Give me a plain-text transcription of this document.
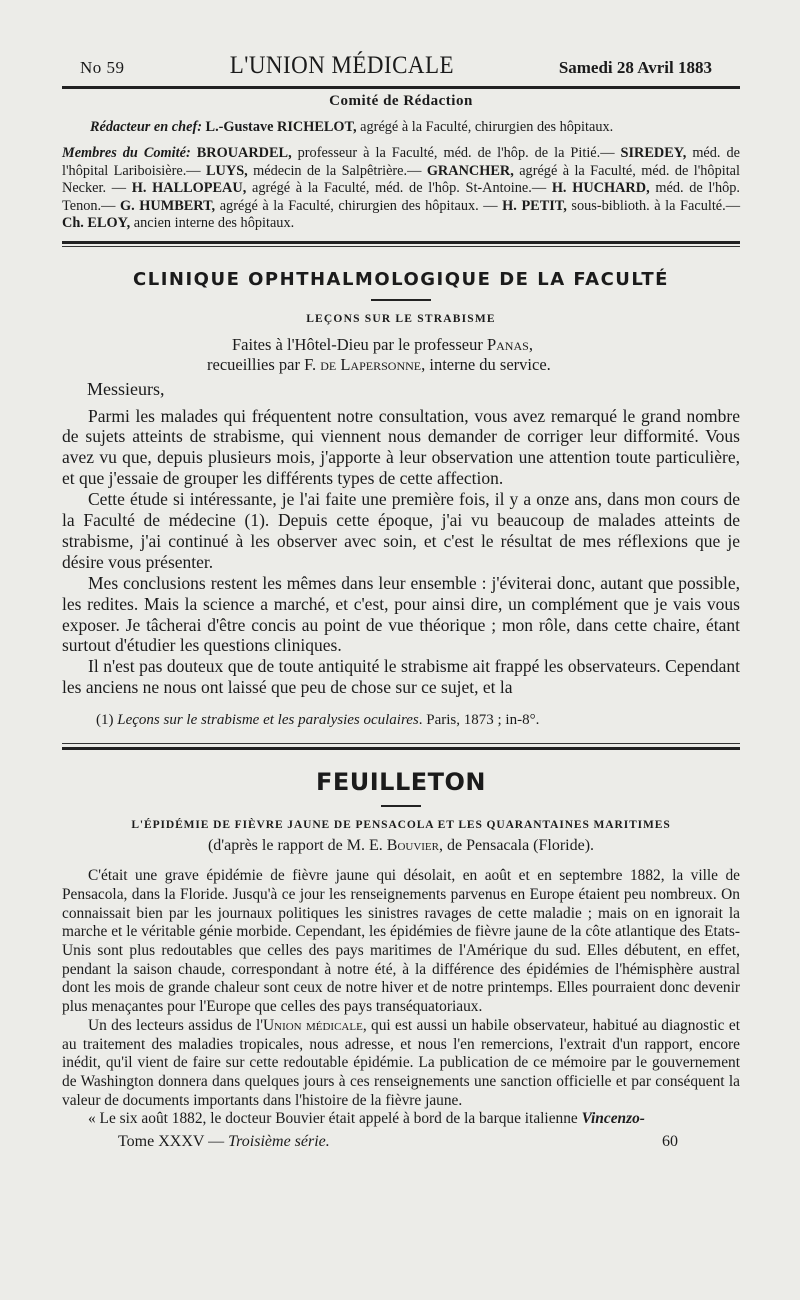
No 59	L'UNION MÉDICALE	Samedi 28 Avril 1883
Comité de Rédaction

Rédacteur en chef: L.-Gustave RICHELOT, agrégé à la Faculté, chirurgien des hôpitaux.

Membres du Comité: BROUARDEL, professeur à la Faculté, méd. de l'hôp. de la Pitié.— SIREDEY, méd. de l'hôpital Lariboisière.— LUYS, médecin de la Salpêtrière.— GRANCHER, agrégé à la Faculté, méd. de l'hôpital Necker. — H. HALLOPEAU, agrégé à la Faculté, méd. de l'hôp. St-Antoine.— H. HUCHARD, méd. de l'hôp. Tenon.— G. HUMBERT, agrégé à la Faculté, chirurgien des hôpitaux. — H. PETIT, sous-biblioth. à la Faculté.— Ch. ELOY, ancien interne des hôpitaux.

CLINIQUE OPHTHALMOLOGIQUE DE LA FACULTÉ
LEÇONS SUR LE STRABISME
Faites à l'Hôtel-Dieu par le professeur Panas,
recueillies par F. de Lapersonne, interne du service.
Messieurs,

Parmi les malades qui fréquentent notre consultation, vous avez remarqué le grand nombre de sujets atteints de strabisme, qui viennent nous demander de corriger leur difformité. Vous avez vu que, depuis plusieurs mois, j'apporte à leur observation une attention toute particulière, et que j'essaie de grouper les différents types de cette affection.

Cette étude si intéressante, je l'ai faite une première fois, il y a onze ans, dans mon cours de la Faculté de médecine (1). Depuis cette époque, j'ai vu beaucoup de malades atteints de strabisme, j'ai continué à les observer avec soin, et c'est le résultat de mes réflexions que je désire vous présenter.

Mes conclusions restent les mêmes dans leur ensemble : j'éviterai donc, autant que possible, les redites. Mais la science a marché, et c'est, pour ainsi dire, un complément que je vais vous exposer. Je tâcherai d'être concis au point de vue théorique ; mon rôle, dans cette chaire, étant surtout d'étudier les questions cliniques.

Il n'est pas douteux que de toute antiquité le strabisme ait frappé les observateurs. Cependant les anciens ne nous ont laissé que peu de chose sur ce sujet, et la

(1) Leçons sur le strabisme et les paralysies oculaires. Paris, 1873 ; in-8°.
FEUILLETON
L'ÉPIDÉMIE DE FIÈVRE JAUNE DE PENSACOLA ET LES QUARANTAINES MARITIMES
(d'après le rapport de M. E. Bouvier, de Pensacala (Floride).

C'était une grave épidémie de fièvre jaune qui désolait, en août et en septembre 1882, la ville de Pensacola, dans la Floride. Jusqu'à ce jour les renseignements parvenus en Europe étaient peu nombreux. On connaissait bien par les journaux politiques les sinistres ravages de cette maladie ; mais on en ignorait la marche et le véritable génie morbide. Cependant, les épidémies de fièvre jaune de la côte atlantique des Etats-Unis sont plus redoutables que celles des pays maritimes de l'Amérique du sud. Elles débutent, en effet, pendant la saison chaude, correspondant à notre été, à la différence des épidémies de l'hémisphère austral dont les mois de grande chaleur sont ceux de notre hiver et de notre printemps. Elles pourraient donc devenir plus menaçantes pour l'Europe que celles des pays transéquatoriaux.

Un des lecteurs assidus de l'Union médicale, qui est aussi un habile observateur, habitué au diagnostic et au traitement des maladies tropicales, nous adresse, et nous l'en remercions, l'extrait d'un rapport, encore inédit, qu'il vient de faire sur cette redoutable épidémie. La publication de ce mémoire par le gouvernement de Washington donnera dans quelques jours à ces renseignements une sanction officielle et par conséquent la valeur de documents importants dans l'histoire de la fièvre jaune.

« Le six août 1882, le docteur Bouvier était appelé à bord de la barque italienne Vincenzo-

Tome XXXV — Troisième série.	60
